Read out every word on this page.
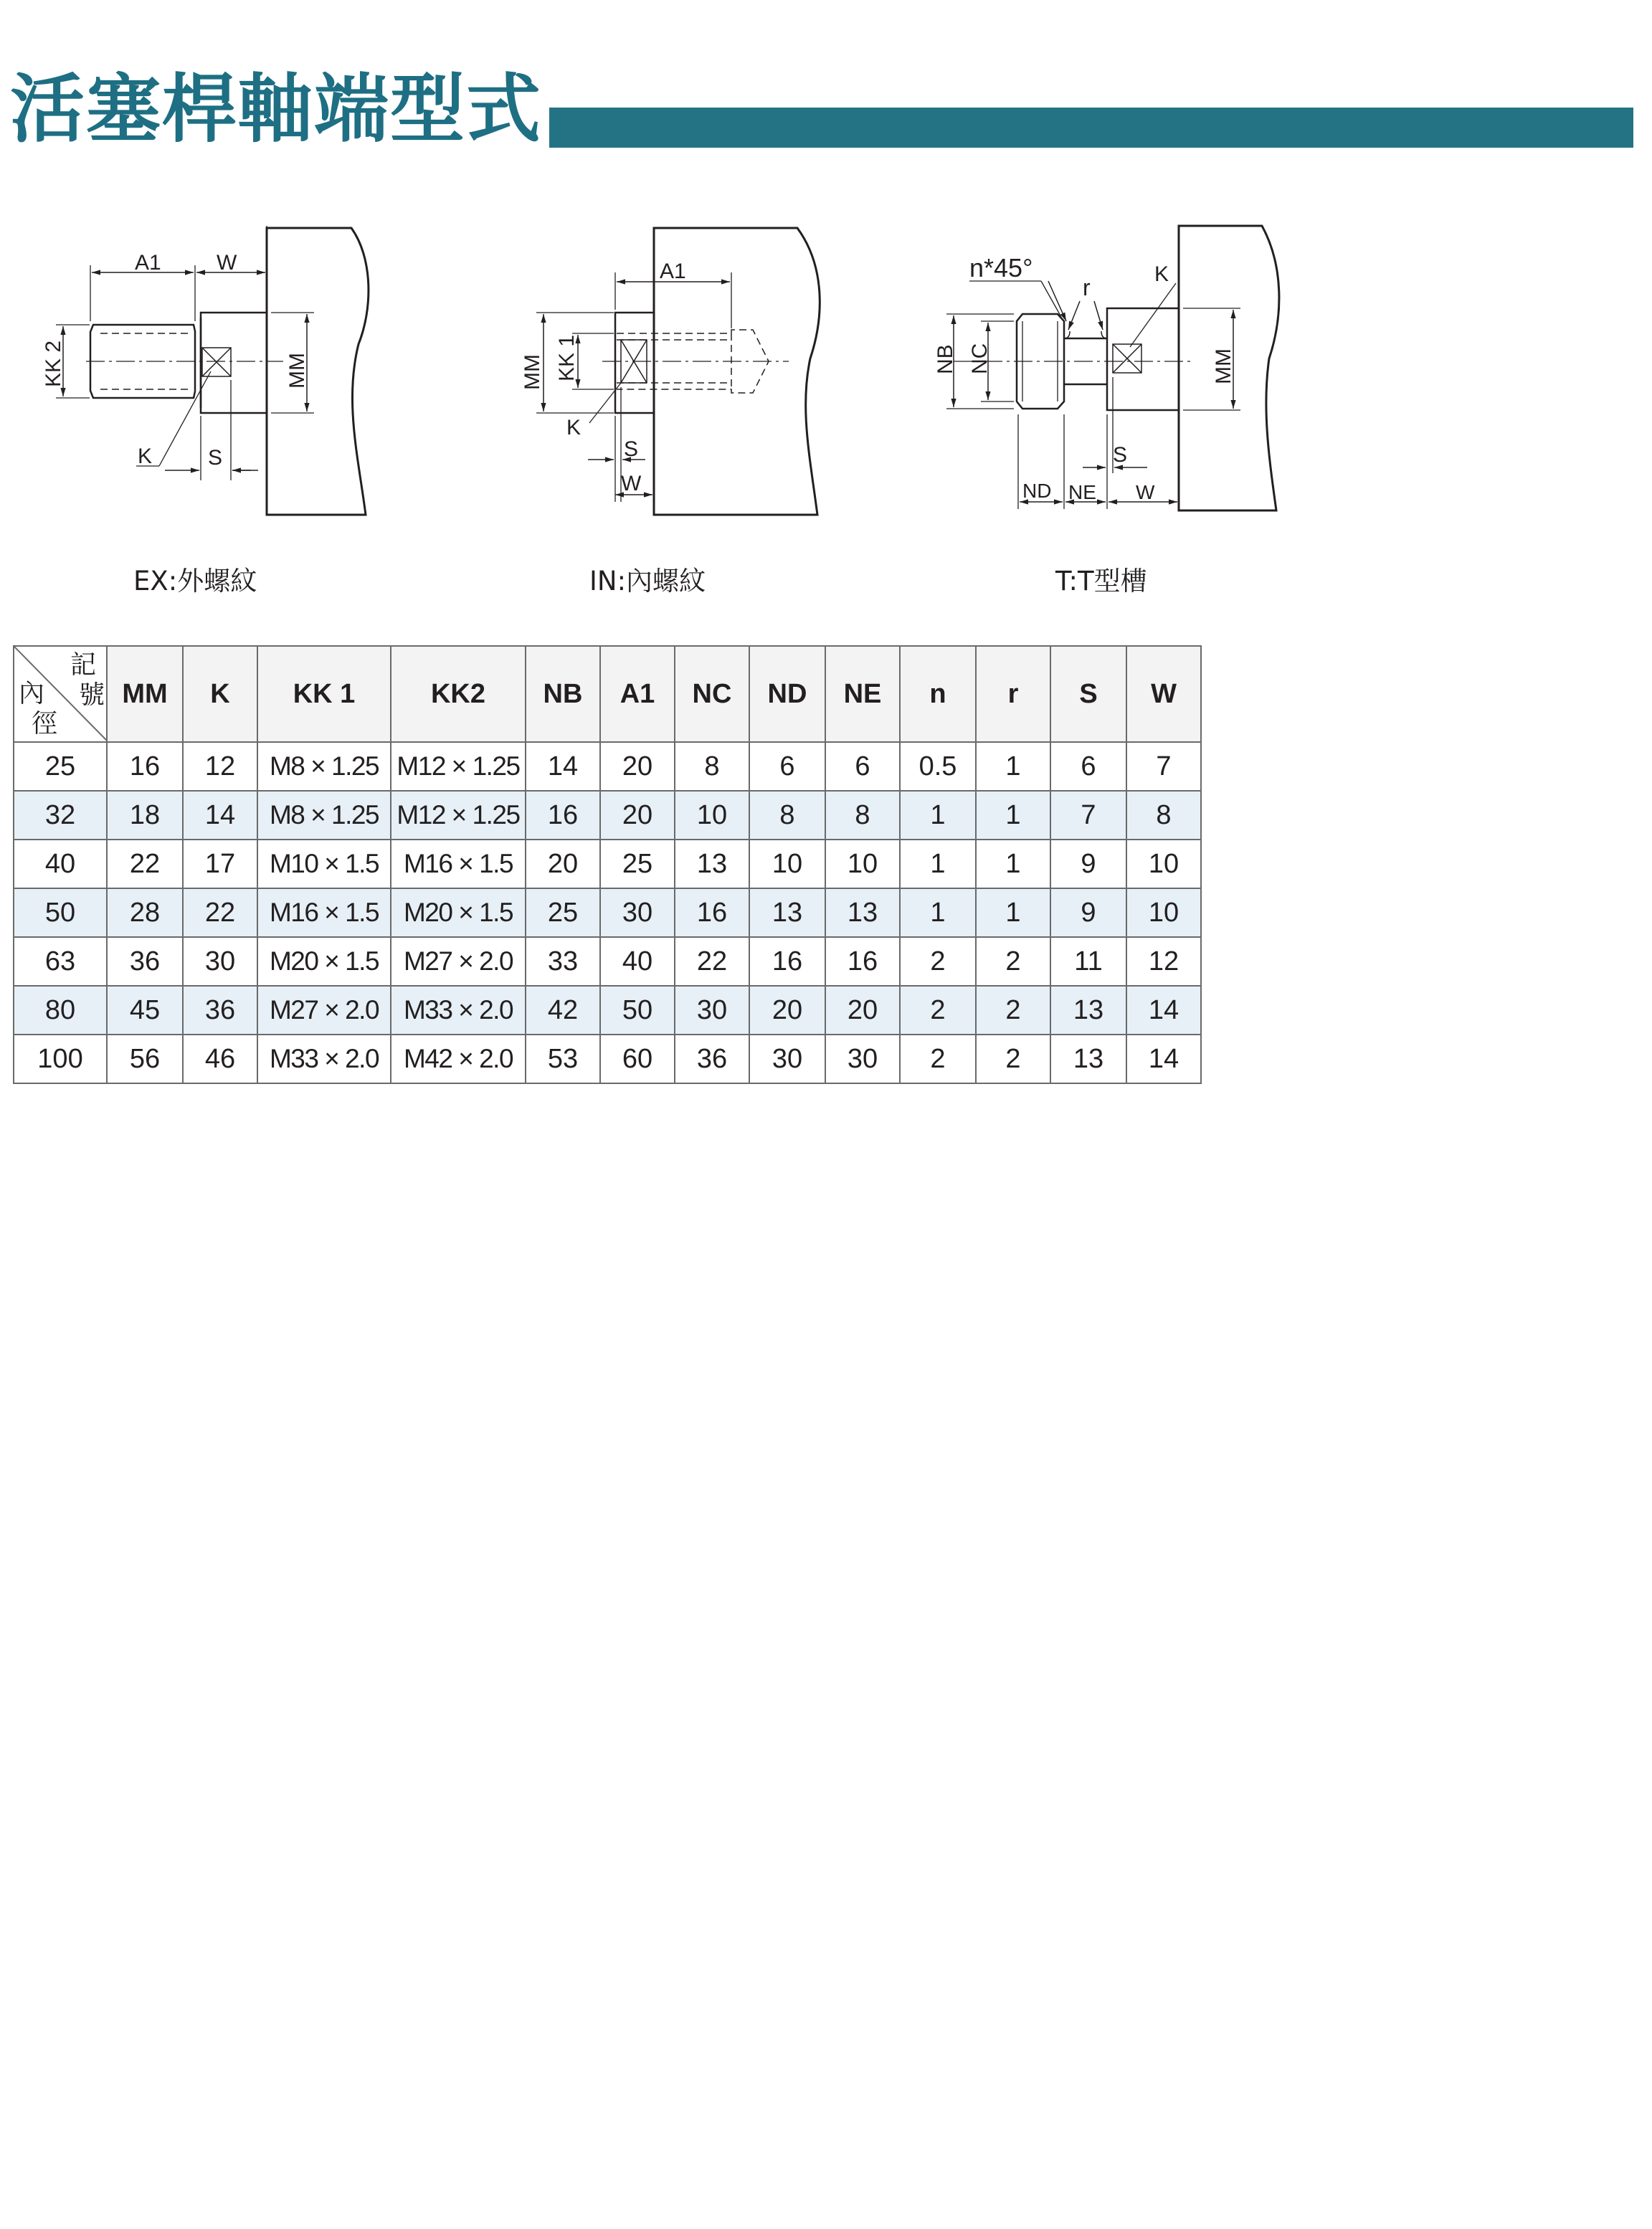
活塞桿軸端型式
A1	W
KK 2	MM
K	S
A1
MM KK 1
K
S
W
n*45°
r
K
NB NC	MM
S
ND NE W
EX:外螺紋	IN:內螺紋	T:T型槽
記
號
內
徑	MM	K	KK 1	KK2	NB	A1	NC	ND	NE	n	r	S	W
25	16	12	M8 × 1.25	M12 × 1.25	14	20	8	6	6	0.5	1	6	7
32	18	14	M8 × 1.25	M12 × 1.25	16	20	10	8	8	1	1	7	8
40	22	17	M10 × 1.5	M16 × 1.5	20	25	13	10	10	1	1	9	10
50	28	22	M16 × 1.5	M20 × 1.5	25	30	16	13	13	1	1	9	10
63	36	30	M20 × 1.5	M27 × 2.0	33	40	22	16	16	2	2	11	12
80	45	36	M27 × 2.0	M33 × 2.0	42	50	30	20	20	2	2	13	14
100	56	46	M33 × 2.0	M42 × 2.0	53	60	36	30	30	2	2	13	14
